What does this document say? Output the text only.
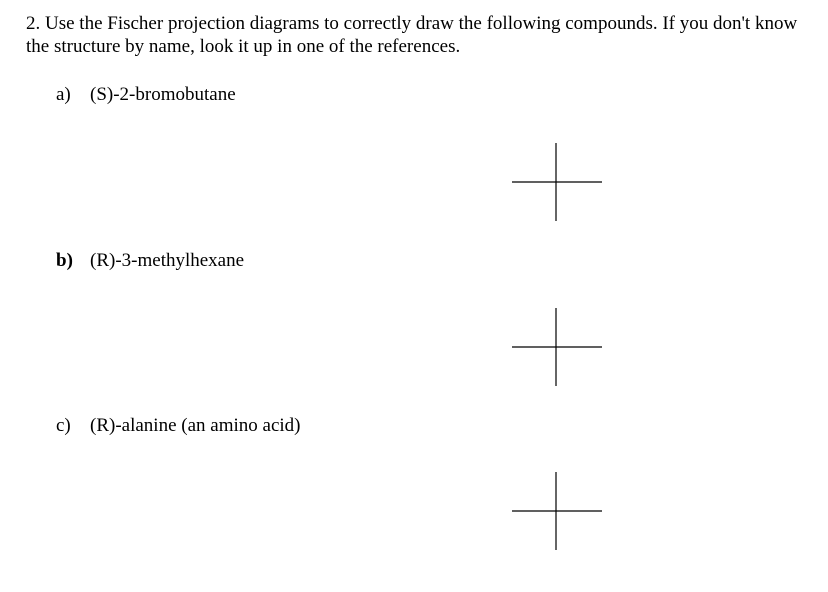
2. Use the Fischer projection diagrams to correctly draw the following compounds. If you don't know the structure by name, look it up in one of the references.

a) (S)-2-bromobutane
b) (R)-3-methylhexane
c) (R)-alanine (an amino acid)
